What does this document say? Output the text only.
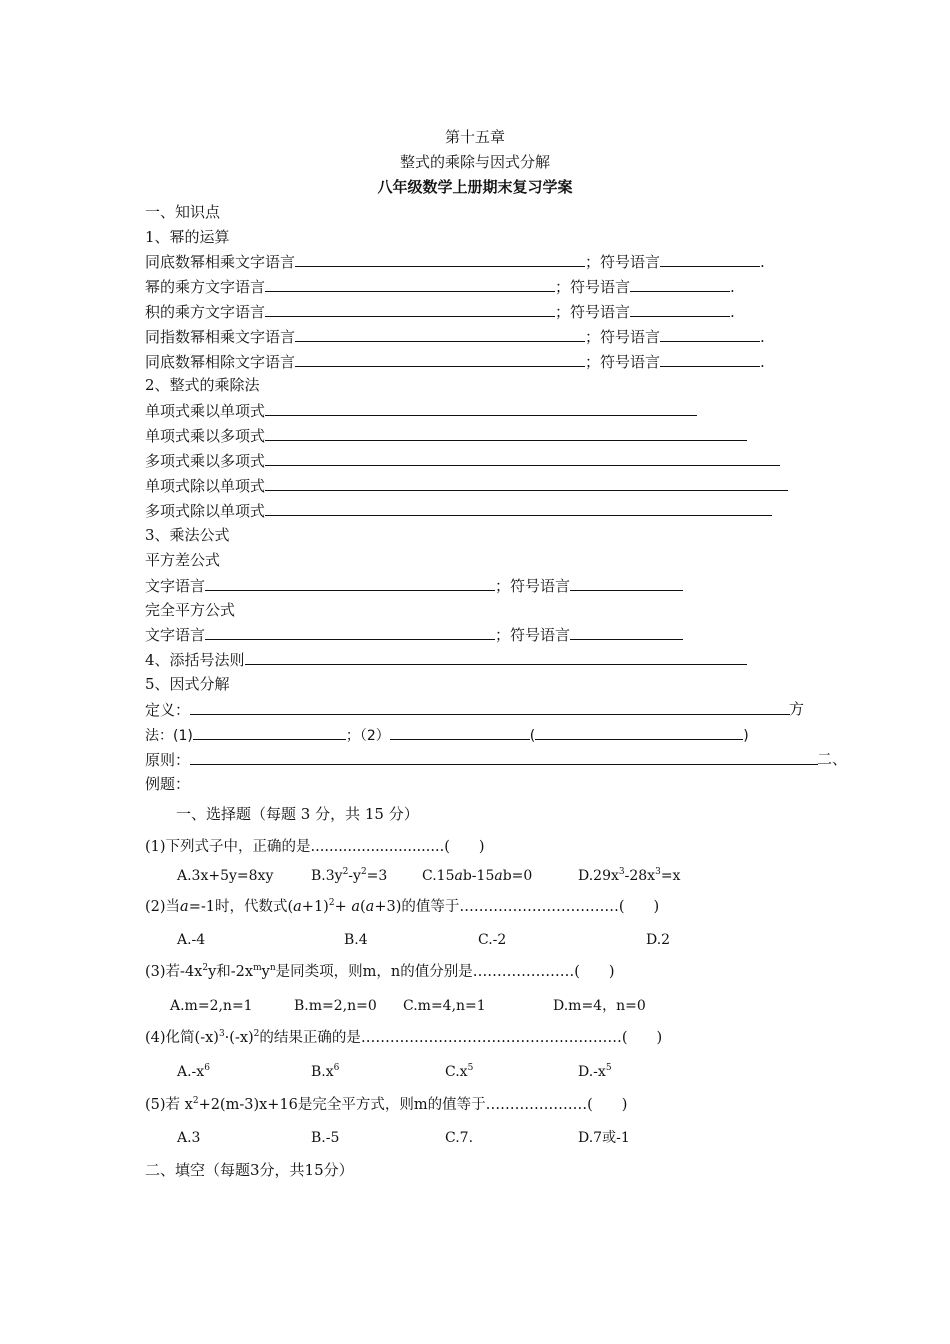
第十五章
整式的乘除与因式分解
八年级数学上册期末复习学案
一、知识点
1、幂的运算
同底数幂相乘文字语言	；符号语言	.
幂的乘方文字语言	；符号语言	.
积的乘方文字语言	；符号语言	.
同指数幂相乘文字语言	；符号语言	.
同底数幂相除文字语言	；符号语言	.
2、整式的乘除法
单项式乘以单项式
单项式乘以多项式
多项式乘以多项式
单项式除以单项式
多项式除以单项式
3、乘法公式
平方差公式
文字语言	；符号语言
完全平方公式
文字语言	；符号语言
4、添括号法则
5、因式分解
定义：	方
法：(1)	；（2）	(	)
原则：	二、
例题：
一、选择题（每题 3 分，共 15 分）
(1)下列式子中，正确的是.............................(　　)
A.3x+5y=8xy	$B.3y^2-y^2=3$ C.15ab-15ab=0	$D.29x^3-28x^3=x$
(2)当a=-1时，代数式$(a+1)^2+ a(a+3)$的值等于……………………………(　　)
A.-4	B.4	C.-2	D.2
(3)若$-4x^2y$和$-2x^my^n$是同类项，则m，n的值分别是…………………(　　)
A.m=2,n=1	B.m=2,n=0 C.m=4,n=1	D.m=4，n=0
(4)化简$(-x)^3\cdot(-x)^2$的结果正确的是………………………………………………(　　)
$A.-x^6$	$B.x^6$	$C.x^5$	$D.-x^5$
(5)若 $x^2+2(m-3)x+16$是完全平方式，则m的值等于…………………(　　)
A.3	B.-5	C.7.	D.7或-1
二、填空（每题3分，共15分）
